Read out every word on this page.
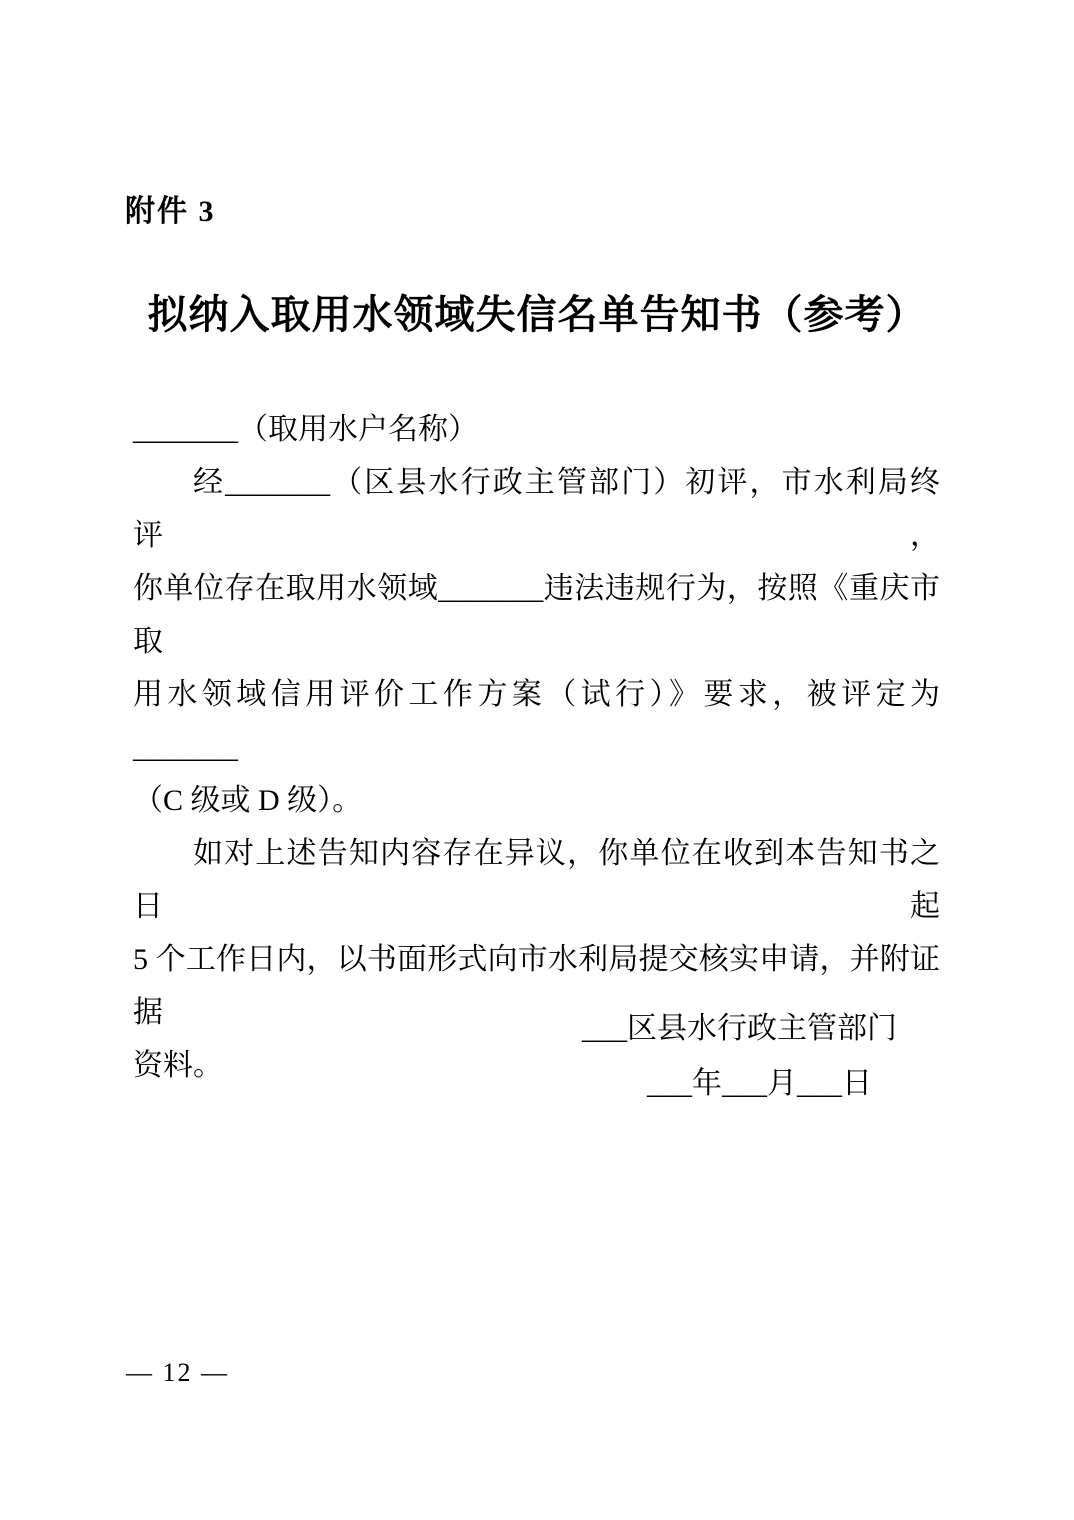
附件 3
拟纳入取用水领域失信名单告知书（参考）
_______（取用水户名称）
经_______（区县水行政主管部门）初评，市水利局终评，
你单位存在取用水领域_______违法违规行为，按照《重庆市取
用水领域信用评价工作方案（试行）》要求，被评定为_______
（C 级或 D 级）。
如对上述告知内容存在异议，你单位在收到本告知书之日起
5 个工作日内，以书面形式向市水利局提交核实申请，并附证据
资料。
___区县水行政主管部门
___年___月___日
— 12 —
